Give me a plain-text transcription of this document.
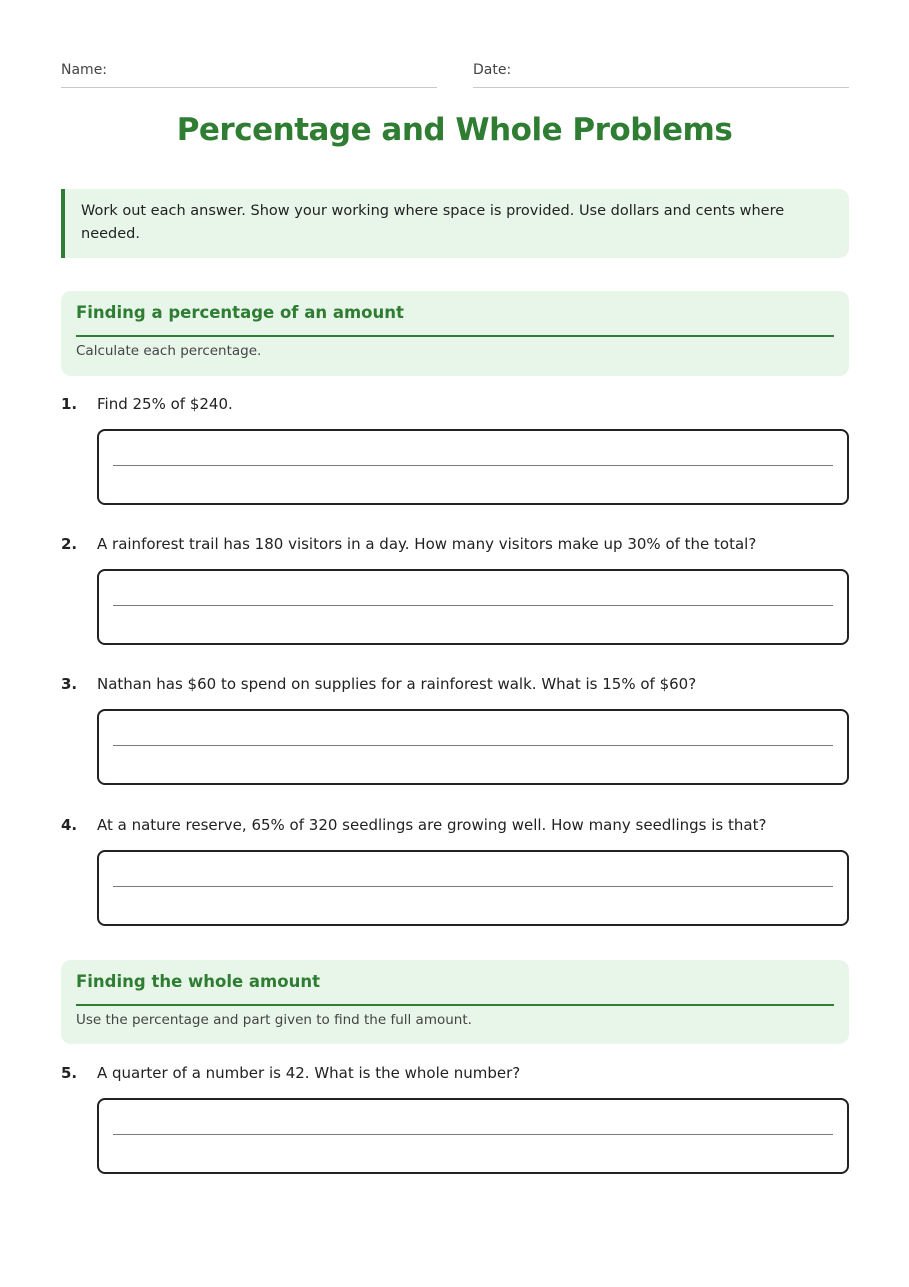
Name:	Date:
Percentage and Whole Problems
Work out each answer. Show your working where space is provided. Use dollars and cents where needed.
Finding a percentage of an amount
Calculate each percentage.
1. Find 25% of $240.
2. A rainforest trail has 180 visitors in a day. How many visitors make up 30% of the total?
3. Nathan has $60 to spend on supplies for a rainforest walk. What is 15% of $60?
4. At a nature reserve, 65% of 320 seedlings are growing well. How many seedlings is that?
Finding the whole amount
Use the percentage and part given to find the full amount.
5. A quarter of a number is 42. What is the whole number?
